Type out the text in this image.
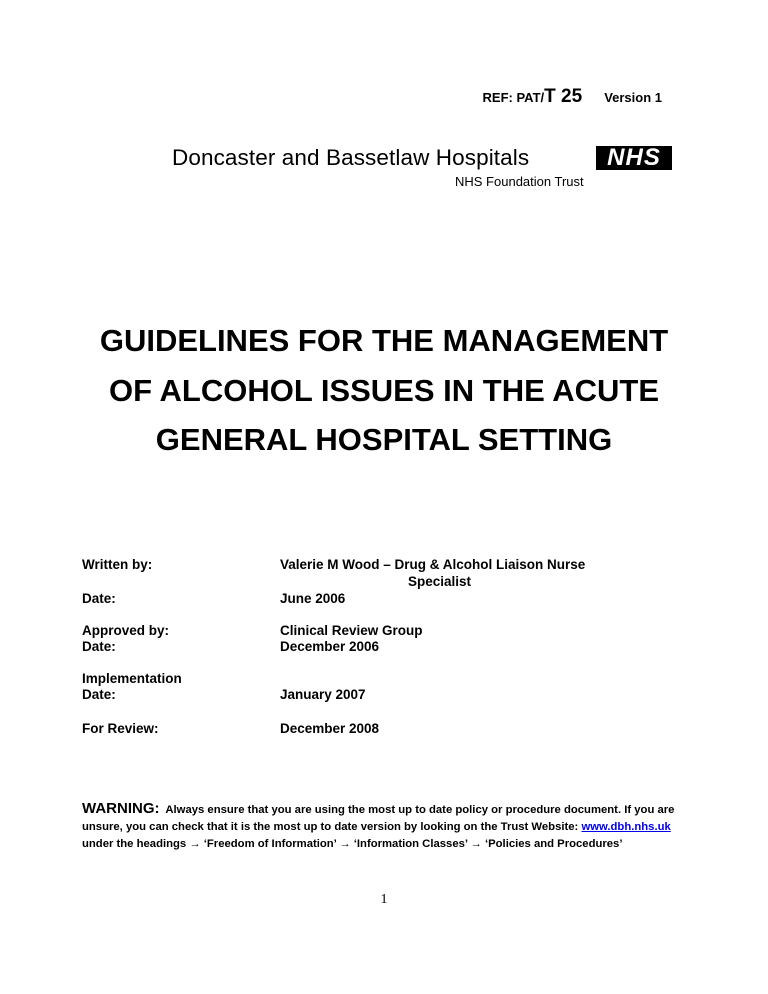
REF: PAT/T 25 Version 1
Doncaster and Bassetlaw Hospitals	NHS
NHS Foundation Trust
GUIDELINES FOR THE MANAGEMENT
OF ALCOHOL ISSUES IN THE ACUTE
GENERAL HOSPITAL SETTING
Written by:	Valerie M Wood – Drug & Alcohol Liaison Nurse
Specialist
Date:	June 2006
Approved by:	Clinical Review Group
Date:	December 2006
Implementation
Date:	January 2007
For Review:	December 2008
WARNING: Always ensure that you are using the most up to date policy or procedure document. If you are unsure, you can check that it is the most up to date version by looking on the Trust Website: www.dbh.nhs.uk under the headings → ‘Freedom of Information’ → ‘Information Classes’ → ‘Policies and Procedures’
1
